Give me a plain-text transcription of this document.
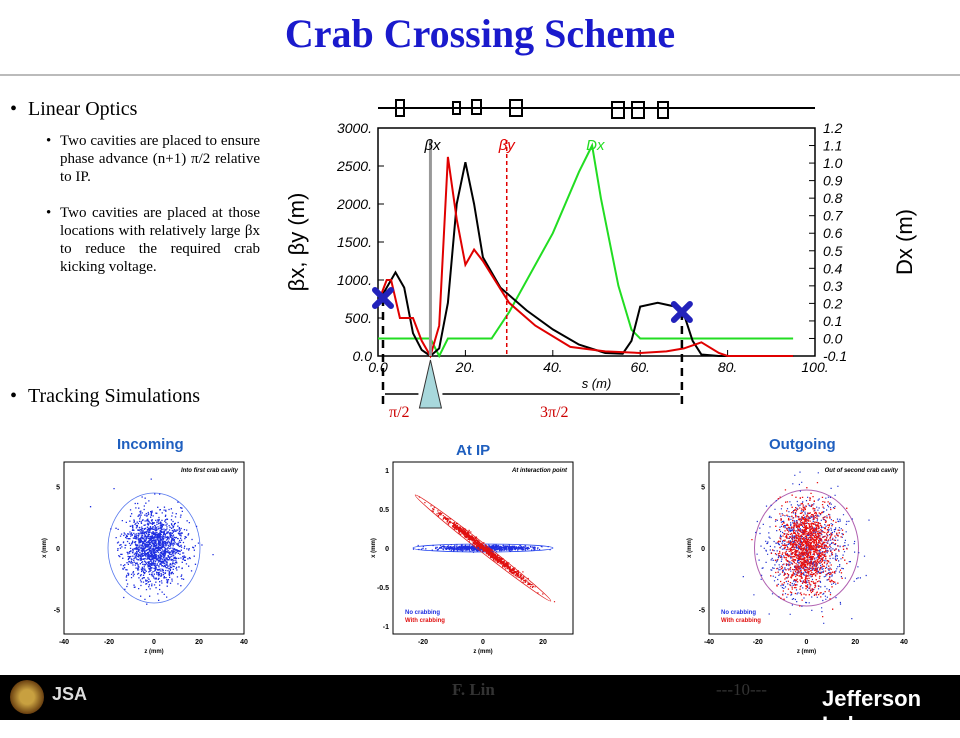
Crab Crossing Scheme
• Linear Optics
• Two cavities are placed to ensure phase advance (n+1) π/2 relative to IP.
• Two cavities are placed at those locations with relatively large βx to reduce the required crab kicking voltage.
• Tracking Simulations
0.0	20.	40.	60.	80.	100.
0.0
500.
1000.
1500.
2000.
2500.
3000.
-0.1
0.0
0.1
0.2
0.3
0.4
0.5
0.6
0.7
0.8
0.9
1.0
1.1
1.2
s (m)
βx, βy (m)	Dx (m)
βx	βy	Dx
π/2	3π/2
Incoming	At IP	Outgoing
Into first crab cavity
-40	-20	0	20	40
5
0
-5
z (mm)
x (mm)
At interaction point
-20	0	20
1
0.5
0
-0.5
-1
z (mm)
x (mm)
No crabbing
With crabbing
Out of second crab cavity
-40	-20	0	20	40
5
0
-5
z (mm)
x (mm)
No crabbing
With crabbing
JSA	F. Lin	---10---	Jefferson Lab
